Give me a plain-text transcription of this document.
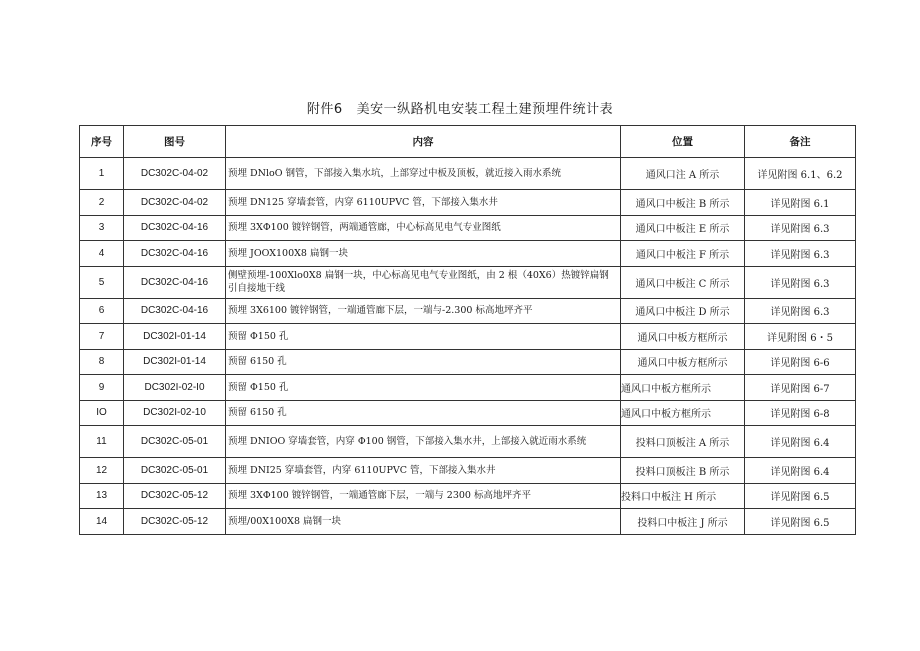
附件6 美安一纵路机电安装工程土建预埋件统计表
序号	图号	内容	位置	备注
1	DC302C-04-02	预埋 DNloO 钢管，下部接入集水坑，上部穿过中板及顶板，就近接入雨水系统	通风口注 A 所示	详见附图 6.1、6.2
2	DC302C-04-02	预埋 DN125 穿墙套管，内穿 6110UPVC 管，下部接入集水井	通风口中板注 B 所示	详见附图 6.1
3	DC302C-04-16	预埋 3XΦ100 镀锌钢管，两端通管廊，中心标高见电气专业图纸	通风口中板注 E 所示	详见附图 6.3
4	DC302C-04-16	预埋 JOOX100X8 扁钢一块	通风口中板注 F 所示	详见附图 6.3
5	DC302C-04-16	侧壁预埋-100Xlo0X8 扁钢一块，中心标高见电气专业图纸，由 2 根（40X6）热镀锌扁钢引自接地干线	通风口中板注 C 所示	详见附图 6.3
6	DC302C-04-16	预埋 3X6100 镀锌钢管，一端通管廊下层，一端与-2.300 标高地坪齐平	通风口中板注 D 所示	详见附图 6.3
7	DC302I-01-14	预留 Φ150 孔	通风口中板方框所示	详见附图 6・5
8	DC302I-01-14	预留 6150 孔	通风口中板方框所示	详见附图 6-6
9	DC302I-02-I0	预留 Φ150 孔	通风口中板方框所示	详见附图 6-7
IO	DC302I-02-10	预留 6150 孔	通风口中板方框所示	详见附图 6-8
11	DC302C-05-01	预埋 DNIOO 穿墙套管，内穿 Φ100 钢管，下部接入集水井，上部接入就近雨水系统	投料口顶板注 A 所示	详见附图 6.4
12	DC302C-05-01	预埋 DNI25 穿墙套管，内穿 6110UPVC 管，下部接入集水井	投料口顶板注 B 所示	详见附图 6.4
13	DC302C-05-12	预埋 3XΦ100 镀锌钢管，一端通管廊下层，一端与 2300 标高地坪齐平	投料口中板注 H 所示	详见附图 6.5
14	DC302C-05-12	预埋/00X100X8 扁钢一块	投料口中板注 J 所示	详见附图 6.5
